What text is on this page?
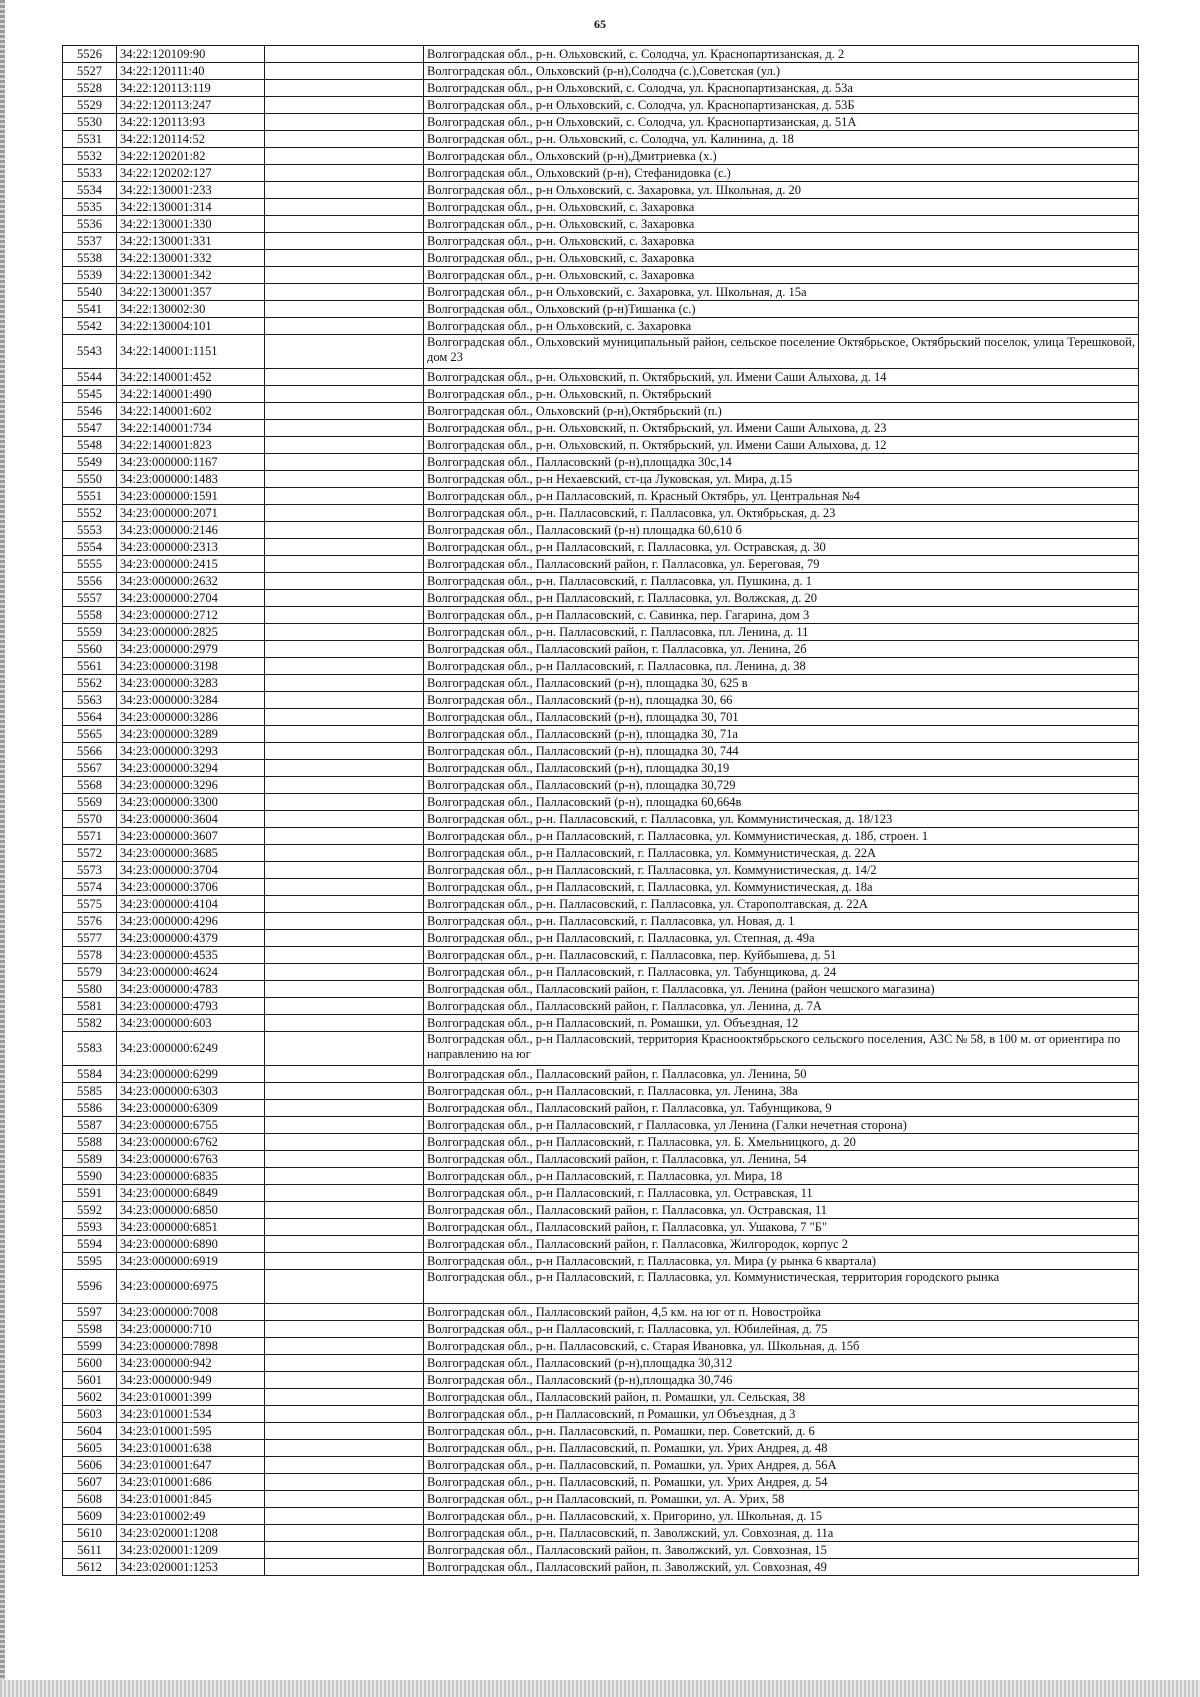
65
5526	34:22:120109:90		Волгоградская обл., р-н. Ольховский, с. Солодча, ул. Краснопартизанская, д. 2
5527	34:22:120111:40		Волгоградская обл., Ольховский (р-н),Солодча (с.),Советская (ул.)
5528	34:22:120113:119		Волгоградская обл., р-н Ольховский, с. Солодча, ул. Краснопартизанская, д. 53а
5529	34:22:120113:247		Волгоградская обл., р-н Ольховский, с. Солодча, ул. Краснопартизанская, д. 53Б
5530	34:22:120113:93		Волгоградская обл., р-н Ольховский, с. Солодча, ул. Краснопартизанская, д. 51А
5531	34:22:120114:52		Волгоградская обл., р-н. Ольховский, с. Солодча, ул. Калинина, д. 18
5532	34:22:120201:82		Волгоградская обл., Ольховский (р-н),Дмитриевка (х.)
5533	34:22:120202:127		Волгоградская обл., Ольховский (р-н), Стефанидовка (с.)
5534	34:22:130001:233		Волгоградская обл., р-н Ольховский, с. Захаровка, ул. Школьная, д. 20
5535	34:22:130001:314		Волгоградская обл., р-н. Ольховский, с. Захаровка
5536	34:22:130001:330		Волгоградская обл., р-н. Ольховский, с. Захаровка
5537	34:22:130001:331		Волгоградская обл., р-н. Ольховский, с. Захаровка
5538	34:22:130001:332		Волгоградская обл., р-н. Ольховский, с. Захаровка
5539	34:22:130001:342		Волгоградская обл., р-н. Ольховский, с. Захаровка
5540	34:22:130001:357		Волгоградская обл., р-н Ольховский, с. Захаровка, ул. Школьная, д. 15а
5541	34:22:130002:30		Волгоградская обл., Ольховский (р-н)Тишанка (с.)
5542	34:22:130004:101		Волгоградская обл., р-н Ольховский, с. Захаровка
5543	34:22:140001:1151		Волгоградская обл., Ольховский муниципальный район, сельское поселение Октябрьское, Октябрьский поселок, улица Терешковой, дом 23
5544	34:22:140001:452		Волгоградская обл., р-н. Ольховский, п. Октябрьский, ул. Имени Саши Алыхова, д. 14
5545	34:22:140001:490		Волгоградская обл., р-н. Ольховский, п. Октябрьский
5546	34:22:140001:602		Волгоградская обл., Ольховский (р-н),Октябрьский (п.)
5547	34:22:140001:734		Волгоградская обл., р-н. Ольховский, п. Октябрьский, ул. Имени Саши Алыхова, д. 23
5548	34:22:140001:823		Волгоградская обл., р-н. Ольховский, п. Октябрьский, ул. Имени Саши Алыхова, д. 12
5549	34:23:000000:1167		Волгоградская обл., Палласовский (р-н),площадка 30с,14
5550	34:23:000000:1483		Волгоградская обл., р-н Нехаевский, ст-ца Луковская, ул. Мира, д.15
5551	34:23:000000:1591		Волгоградская обл., р-н Палласовский, п. Красный Октябрь, ул. Центральная №4
5552	34:23:000000:2071		Волгоградская обл., р-н. Палласовский, г. Палласовка, ул. Октябрьская, д. 23
5553	34:23:000000:2146		Волгоградская обл., Палласовский (р-н) площадка 60,610 б
5554	34:23:000000:2313		Волгоградская обл., р-н Палласовский, г. Палласовка, ул. Остравская, д. 30
5555	34:23:000000:2415		Волгоградская обл., Палласовский район, г. Палласовка, ул. Береговая, 79
5556	34:23:000000:2632		Волгоградская обл., р-н. Палласовский, г. Палласовка, ул. Пушкина, д. 1
5557	34:23:000000:2704		Волгоградская обл., р-н Палласовский, г. Палласовка, ул. Волжская, д. 20
5558	34:23:000000:2712		Волгоградская обл., р-н Палласовский, с. Савинка, пер. Гагарина, дом 3
5559	34:23:000000:2825		Волгоградская обл., р-н. Палласовский, г. Палласовка, пл. Ленина, д. 11
5560	34:23:000000:2979		Волгоградская обл., Палласовский район, г. Палласовка, ул. Ленина, 2б
5561	34:23:000000:3198		Волгоградская обл., р-н Палласовский, г. Палласовка, пл. Ленина, д. 38
5562	34:23:000000:3283		Волгоградская обл., Палласовский (р-н), площадка 30, 625 в
5563	34:23:000000:3284		Волгоградская обл., Палласовский (р-н), площадка 30, 66
5564	34:23:000000:3286		Волгоградская обл., Палласовский (р-н), площадка 30, 701
5565	34:23:000000:3289		Волгоградская обл., Палласовский (р-н), площадка 30, 71а
5566	34:23:000000:3293		Волгоградская обл., Палласовский (р-н), площадка 30, 744
5567	34:23:000000:3294		Волгоградская обл., Палласовский (р-н), площадка 30,19
5568	34:23:000000:3296		Волгоградская обл., Палласовский (р-н), площадка 30,729
5569	34:23:000000:3300		Волгоградская обл., Палласовский (р-н), площадка 60,664в
5570	34:23:000000:3604		Волгоградская обл., р-н. Палласовский, г. Палласовка, ул. Коммунистическая, д. 18/123
5571	34:23:000000:3607		Волгоградская обл., р-н Палласовский, г. Палласовка, ул. Коммунистическая, д. 18б, строен. 1
5572	34:23:000000:3685		Волгоградская обл., р-н Палласовский, г. Палласовка, ул. Коммунистическая, д. 22А
5573	34:23:000000:3704		Волгоградская обл., р-н Палласовский, г. Палласовка, ул. Коммунистическая, д. 14/2
5574	34:23:000000:3706		Волгоградская обл., р-н Палласовский, г. Палласовка, ул. Коммунистическая, д. 18а
5575	34:23:000000:4104		Волгоградская обл., р-н. Палласовский, г. Палласовка, ул. Старополтавская, д. 22А
5576	34:23:000000:4296		Волгоградская обл., р-н. Палласовский, г. Палласовка, ул. Новая, д. 1
5577	34:23:000000:4379		Волгоградская обл., р-н Палласовский, г. Палласовка, ул. Степная, д. 49а
5578	34:23:000000:4535		Волгоградская обл., р-н. Палласовский, г. Палласовка, пер. Куйбышева, д. 51
5579	34:23:000000:4624		Волгоградская обл., р-н Палласовский, г. Палласовка, ул. Табунщикова, д. 24
5580	34:23:000000:4783		Волгоградская обл., Палласовский район, г. Палласовка, ул. Ленина (район чешского магазина)
5581	34:23:000000:4793		Волгоградская обл., Палласовский район, г. Палласовка, ул. Ленина, д. 7А
5582	34:23:000000:603		Волгоградская обл., р-н Палласовский, п. Ромашки, ул. Объездная, 12
5583	34:23:000000:6249		Волгоградская обл., р-н Палласовский, территория Краснооктябрьского сельского поселения, АЗС № 58, в 100 м. от ориентира по направлению на юг
5584	34:23:000000:6299		Волгоградская обл., Палласовский район, г. Палласовка, ул. Ленина, 50
5585	34:23:000000:6303		Волгоградская обл., р-н Палласовский, г. Палласовка, ул. Ленина, 38а
5586	34:23:000000:6309		Волгоградская обл., Палласовский район, г. Палласовка, ул. Табунщикова, 9
5587	34:23:000000:6755		Волгоградская обл., р-н Палласовский, г Палласовка, ул Ленина (Галки нечетная сторона)
5588	34:23:000000:6762		Волгоградская обл., р-н Палласовский, г. Палласовка, ул. Б. Хмельницкого, д. 20
5589	34:23:000000:6763		Волгоградская обл., Палласовский район, г. Палласовка, ул. Ленина, 54
5590	34:23:000000:6835		Волгоградская обл., р-н Палласовский, г. Палласовка, ул. Мира, 18
5591	34:23:000000:6849		Волгоградская обл., р-н Палласовский, г. Палласовка, ул. Остравская, 11
5592	34:23:000000:6850		Волгоградская обл., Палласовский район, г. Палласовка, ул. Остравская, 11
5593	34:23:000000:6851		Волгоградская обл., Палласовский район, г. Палласовка, ул. Ушакова, 7 "Б"
5594	34:23:000000:6890		Волгоградская обл., Палласовский район, г. Палласовка, Жилгородок, корпус 2
5595	34:23:000000:6919		Волгоградская обл., р-н Палласовский, г. Палласовка, ул. Мира (у рынка 6 квартала)
5596	34:23:000000:6975		Волгоградская обл., р-н Палласовский, г. Палласовка, ул. Коммунистическая, территория городского рынка
5597	34:23:000000:7008		Волгоградская обл., Палласовский район, 4,5 км. на юг от п. Новостройка
5598	34:23:000000:710		Волгоградская обл., р-н Палласовский, г. Палласовка, ул. Юбилейная, д. 75
5599	34:23:000000:7898		Волгоградская обл., р-н. Палласовский, с. Старая Ивановка, ул. Школьная, д. 15б
5600	34:23:000000:942		Волгоградская обл., Палласовский (р-н),площадка 30,312
5601	34:23:000000:949		Волгоградская обл., Палласовский (р-н),площадка 30,746
5602	34:23:010001:399		Волгоградская обл., Палласовский район, п. Ромашки, ул. Сельская, 38
5603	34:23:010001:534		Волгоградская обл., р-н Палласовский, п Ромашки, ул Объездная, д 3
5604	34:23:010001:595		Волгоградская обл., р-н. Палласовский, п. Ромашки, пер. Советский, д. 6
5605	34:23:010001:638		Волгоградская обл., р-н. Палласовский, п. Ромашки, ул. Урих Андрея, д. 48
5606	34:23:010001:647		Волгоградская обл., р-н. Палласовский, п. Ромашки, ул. Урих Андрея, д. 56А
5607	34:23:010001:686		Волгоградская обл., р-н. Палласовский, п. Ромашки, ул. Урих Андрея, д. 54
5608	34:23:010001:845		Волгоградская обл., р-н Палласовский, п. Ромашки, ул. А. Урих, 58
5609	34:23:010002:49		Волгоградская обл., р-н. Палласовский, х. Пригорино, ул. Школьная, д. 15
5610	34:23:020001:1208		Волгоградская обл., р-н. Палласовский, п. Заволжский, ул. Совхозная, д. 11а
5611	34:23:020001:1209		Волгоградская обл., Палласовский район, п. Заволжский, ул. Совхозная, 15
5612	34:23:020001:1253		Волгоградская обл., Палласовский район, п. Заволжский, ул. Совхозная, 49
